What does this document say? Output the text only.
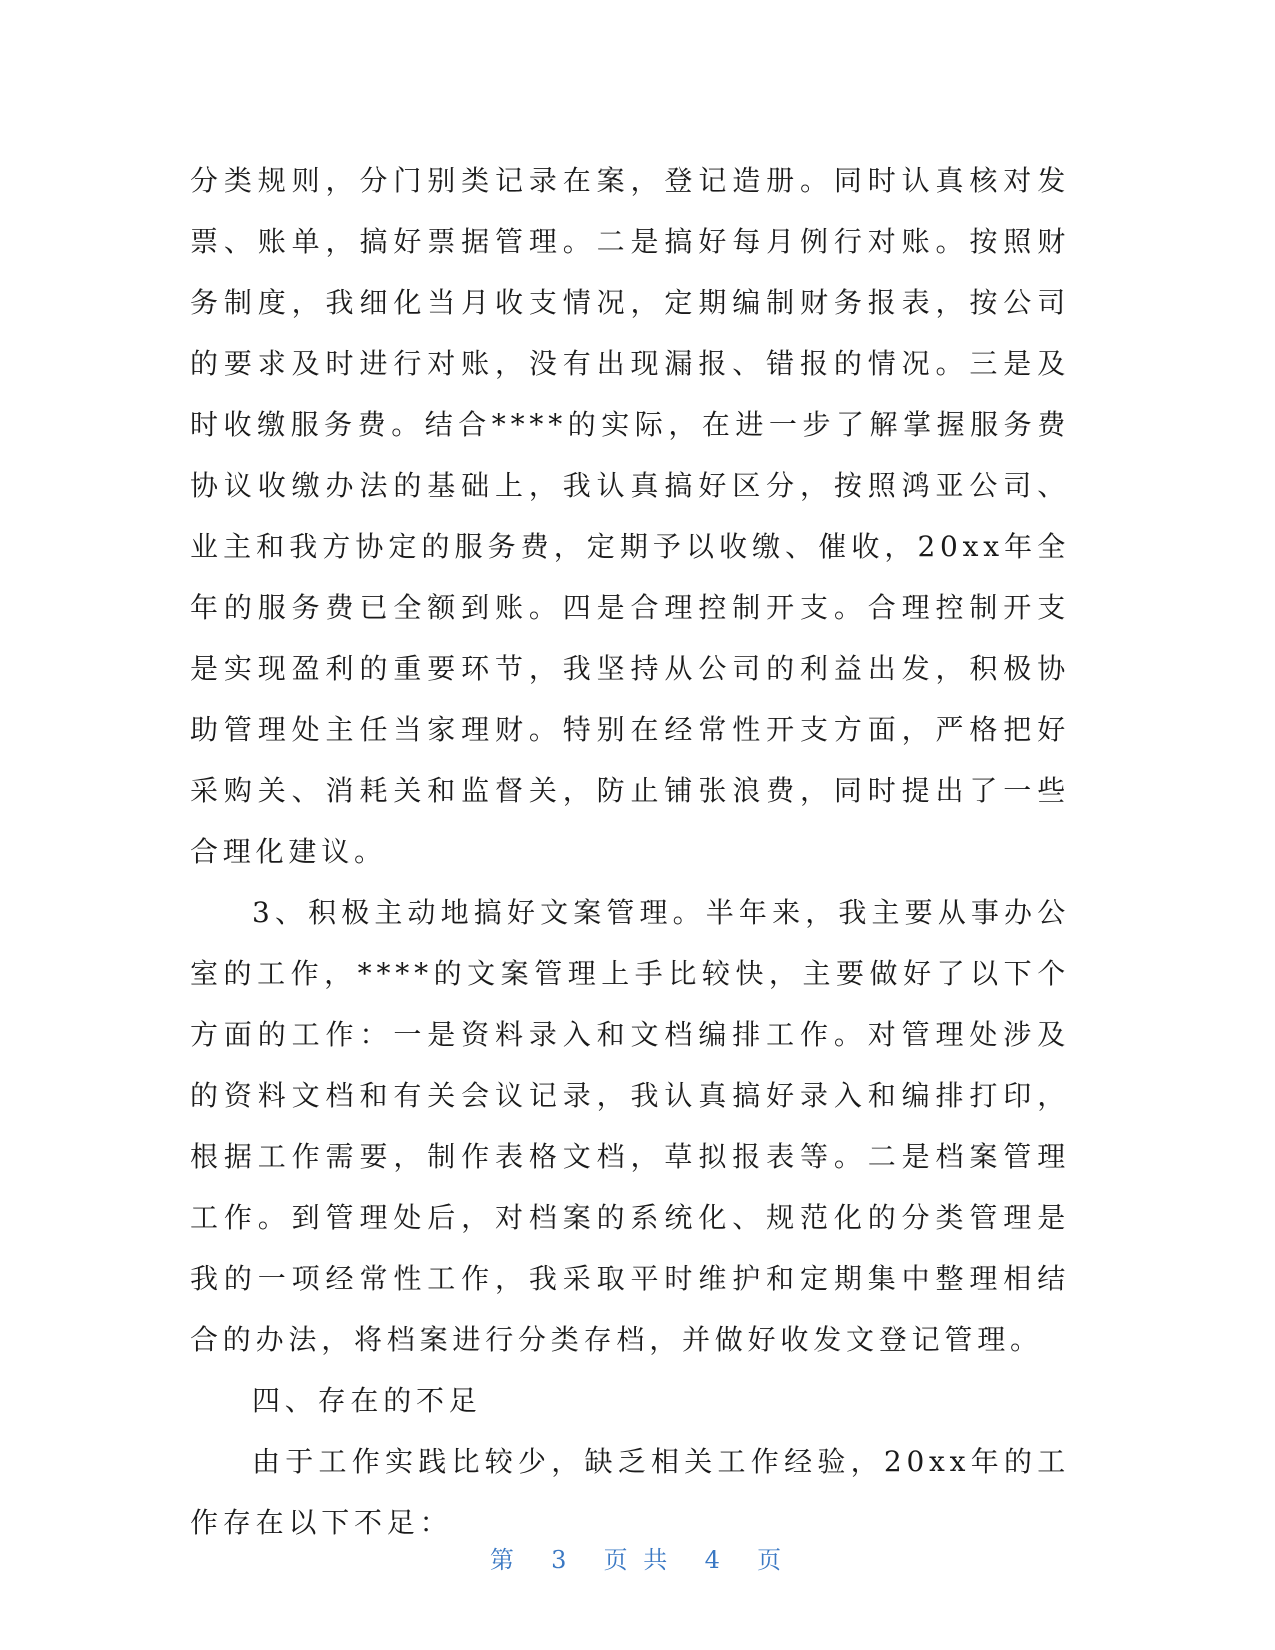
分类规则，分门别类记录在案，登记造册。同时认真核对发票、账单，搞好票据管理。二是搞好每月例行对账。按照财务制度，我细化当月收支情况，定期编制财务报表，按公司的要求及时进行对账，没有出现漏报、错报的情况。三是及时收缴服务费。结合****的实际，在进一步了解掌握服务费协议收缴办法的基础上，我认真搞好区分，按照鸿亚公司、业主和我方协定的服务费，定期予以收缴、催收，20xx年全年的服务费已全额到账。四是合理控制开支。合理控制开支是实现盈利的重要环节，我坚持从公司的利益出发，积极协助管理处主任当家理财。特别在经常性开支方面，严格把好采购关、消耗关和监督关，防止铺张浪费，同时提出了一些合理化建议。

3、积极主动地搞好文案管理。半年来，我主要从事办公室的工作，****的文案管理上手比较快，主要做好了以下个方面的工作：一是资料录入和文档编排工作。对管理处涉及的资料文档和有关会议记录，我认真搞好录入和编排打印，根据工作需要，制作表格文档，草拟报表等。二是档案管理工作。到管理处后，对档案的系统化、规范化的分类管理是我的一项经常性工作，我采取平时维护和定期集中整理相结合的办法，将档案进行分类存档，并做好收发文登记管理。

四、存在的不足

由于工作实践比较少，缺乏相关工作经验，20xx年的工作存在以下不足：

第 3 页 共 4 页
